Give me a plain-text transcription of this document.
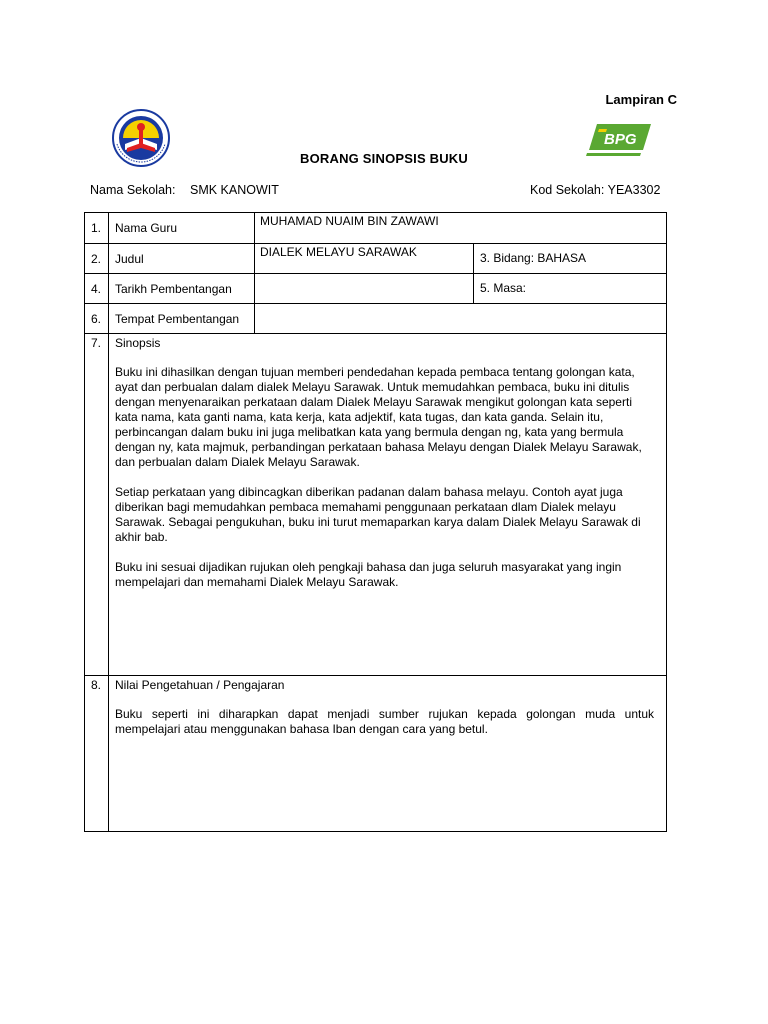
Lampiran C
BPG
BORANG SINOPSIS BUKU
Nama Sekolah: SMK KANOWIT	Kod Sekolah: YEA3302
1.	Nama Guru	MUHAMAD NUAIM BIN ZAWAWI	
2.	Judul	DIALEK MELAYU SARAWAK	3. Bidang: BAHASA
4.	Tarikh Pembentangan		5. Masa:
6.	Tempat Pembentangan		
7.	Sinopsis

Buku ini dihasilkan dengan tujuan memberi pendedahan kepada pembaca tentang golongan kata, ayat dan perbualan dalam dialek Melayu Sarawak. Untuk memudahkan pembaca, buku ini ditulis dengan menyenaraikan perkataan dalam Dialek Melayu Sarawak mengikut golongan kata seperti kata nama, kata ganti nama, kata kerja, kata adjektif, kata tugas, dan kata ganda. Selain itu, perbincangan dalam buku ini juga melibatkan kata yang bermula dengan ng, kata yang bermula dengan ny, kata majmuk, perbandingan perkataan bahasa Melayu dengan Dialek Melayu Sarawak, dan perbualan dalam Dialek Melayu Sarawak.

Setiap perkataan yang dibincagkan diberikan padanan dalam bahasa melayu. Contoh ayat juga diberikan bagi memudahkan pembaca memahami penggunaan perkataan dlam Dialek melayu Sarawak. Sebagai pengukuhan, buku ini turut memaparkan karya dalam Dialek Melayu Sarawak di akhir bab.

Buku ini sesuai dijadikan rujukan oleh pengkaji bahasa dan juga seluruh masyarakat yang ingin mempelajari dan memahami Dialek Melayu Sarawak.		

8.	Nilai Pengetahuan / Pengajaran

Buku seperti ini diharapkan dapat menjadi sumber rujukan kepada golongan muda untuk mempelajari atau menggunakan bahasa Iban dengan cara yang betul.		
